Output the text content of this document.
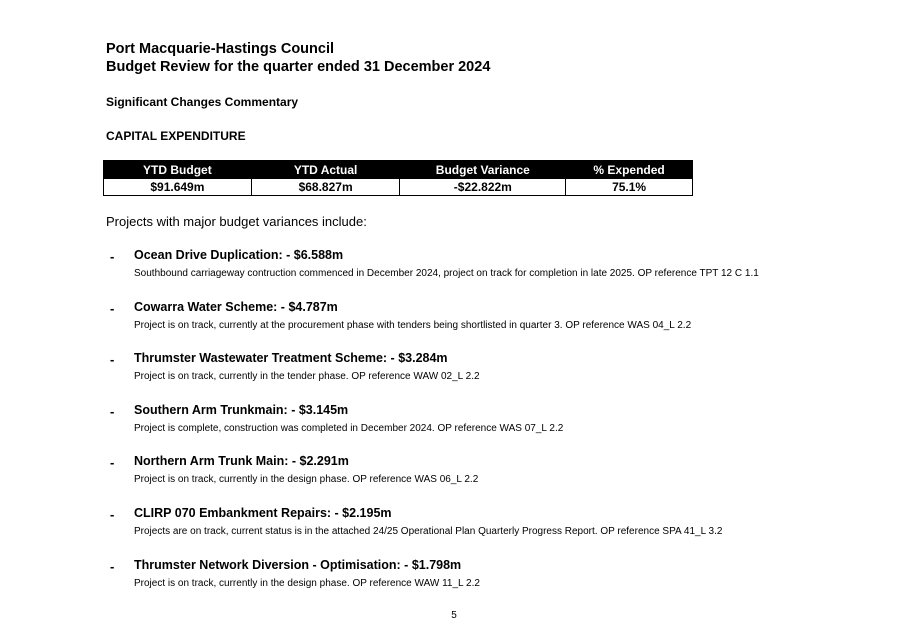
Port Macquarie-Hastings Council
Budget Review for the quarter ended 31 December 2024
Significant Changes Commentary
CAPITAL EXPENDITURE
YTD Budget	YTD Actual	Budget Variance	% Expended
$91.649m	$68.827m	-$22.822m	75.1%
Projects with major budget variances include:
- Ocean Drive Duplication: - $6.588m
Southbound carriageway contruction commenced in December 2024, project on track for completion in late 2025. OP reference TPT 12 C 1.1
- Cowarra Water Scheme: - $4.787m
Project is on track, currently at the procurement phase with tenders being shortlisted in quarter 3. OP reference WAS 04_L 2.2
- Thrumster Wastewater Treatment Scheme: - $3.284m
Project is on track, currently in the tender phase. OP reference WAW 02_L 2.2
- Southern Arm Trunkmain: - $3.145m
Project is complete, construction was completed in December 2024. OP reference WAS 07_L 2.2
- Northern Arm Trunk Main: - $2.291m
Project is on track, currently in the design phase. OP reference WAS 06_L 2.2
- CLIRP 070 Embankment Repairs: - $2.195m
Projects are on track, current status is in the attached 24/25 Operational Plan Quarterly Progress Report. OP reference SPA 41_L 3.2
- Thrumster Network Diversion - Optimisation: - $1.798m
Project is on track, currently in the design phase. OP reference WAW 11_L 2.2
5
